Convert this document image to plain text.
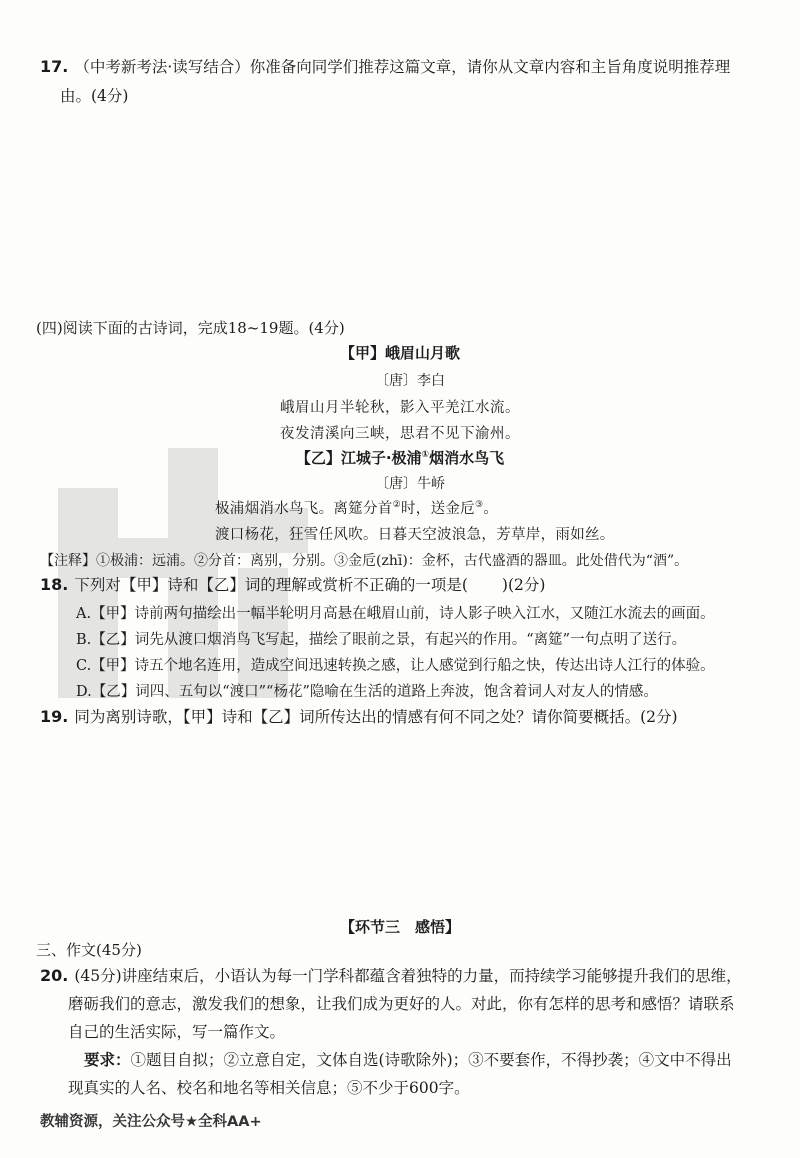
17. （中考新考法·读写结合）你准备向同学们推荐这篇文章，请你从文章内容和主旨角度说明推荐理
由。(4分)
(四)阅读下面的古诗词，完成18~19题。(4分)
【甲】峨眉山月歌
〔唐〕李白
峨眉山月半轮秋，影入平羌江水流。
夜发清溪向三峡，思君不见下渝州。
【乙】江城子·极浦①烟消水鸟飞
〔唐〕牛峤
极浦烟消水鸟飞。离筵分首②时，送金卮③。
渡口杨花，狂雪任风吹。日暮天空波浪急，芳草岸，雨如丝。
【注释】①极浦：远浦。②分首：离别，分别。③金卮(zhī)：金杯，古代盛酒的器皿。此处借代为“酒”。
18. 下列对【甲】诗和【乙】词的理解或赏析不正确的一项是( )(2分)
A.【甲】诗前两句描绘出一幅半轮明月高悬在峨眉山前，诗人影子映入江水，又随江水流去的画面。
B.【乙】词先从渡口烟消鸟飞写起，描绘了眼前之景，有起兴的作用。“离筵”一句点明了送行。
C.【甲】诗五个地名连用，造成空间迅速转换之感，让人感觉到行船之快，传达出诗人江行的体验。
D.【乙】词四、五句以“渡口”“杨花”隐喻在生活的道路上奔波，饱含着词人对友人的情感。
19. 同为离别诗歌，【甲】诗和【乙】词所传达出的情感有何不同之处？请你简要概括。(2分)
【环节三　感悟】
三、作文(45分)
20. (45分)讲座结束后，小语认为每一门学科都蕴含着独特的力量，而持续学习能够提升我们的思维，
磨砺我们的意志，激发我们的想象，让我们成为更好的人。对此，你有怎样的思考和感悟？请联系
自己的生活实际，写一篇作文。
要求：①题目自拟；②立意自定，文体自选(诗歌除外)；③不要套作，不得抄袭；④文中不得出
现真实的人名、校名和地名等相关信息；⑤不少于600字。
教辅资源，关注公众号★全科AA+
